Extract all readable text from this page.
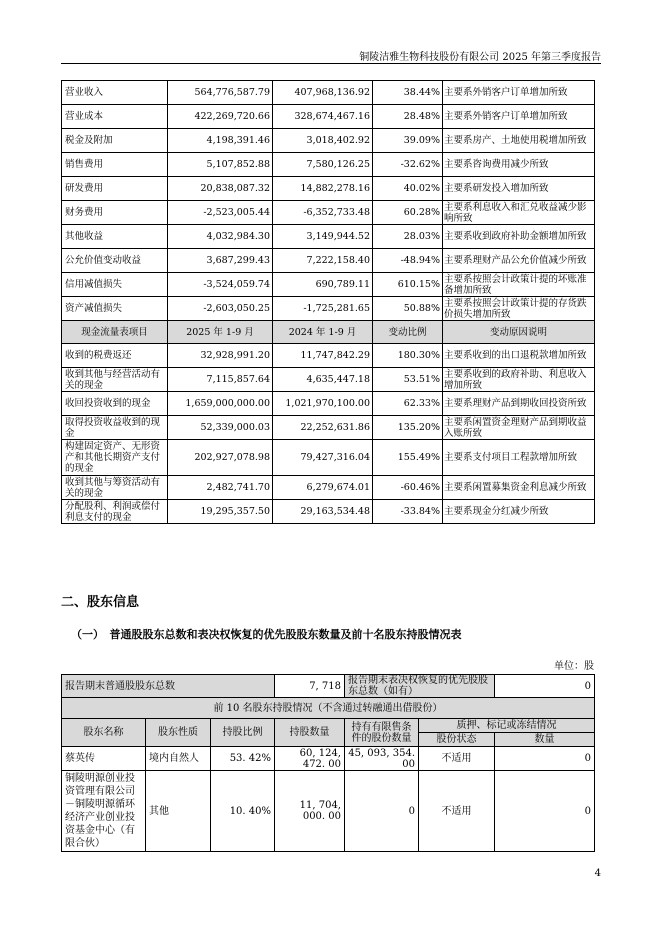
铜陵洁雅生物科技股份有限公司 2025 年第三季度报告
营业收入	564,776,587.79	407,968,136.92	38.44%	主要系外销客户订单增加所致
营业成本	422,269,720.66	328,674,467.16	28.48%	主要系外销客户订单增加所致
税金及附加	4,198,391.46	3,018,402.92	39.09%	主要系房产、土地使用税增加所致
销售费用	5,107,852.88	7,580,126.25	-32.62%	主要系咨询费用减少所致
研发费用	20,838,087.32	14,882,278.16	40.02%	主要系研发投入增加所致
财务费用	-2,523,005.44	-6,352,733.48	60.28%	主要系利息收入和汇兑收益减少影响所致
其他收益	4,032,984.30	3,149,944.52	28.03%	主要系收到政府补助金额增加所致
公允价值变动收益	3,687,299.43	7,222,158.40	-48.94%	主要系理财产品公允价值减少所致
信用减值损失	-3,524,059.74	690,789.11	610.15%	主要系按照会计政策计提的坏账准备增加所致
资产减值损失	-2,603,050.25	-1,725,281.65	50.88%	主要系按照会计政策计提的存货跌价损失增加所致
现金流量表项目	2025 年 1-9 月	2024 年 1-9 月	变动比例	变动原因说明
收到的税费返还	32,928,991.20	11,747,842.29	180.30%	主要系收到的出口退税款增加所致
收到其他与经营活动有关的现金	7,115,857.64	4,635,447.18	53.51%	主要系收到的政府补助、利息收入增加所致
收回投资收到的现金	1,659,000,000.00	1,021,970,100.00	62.33%	主要系理财产品到期收回投资所致
取得投资收益收到的现金	52,339,000.03	22,252,631.86	135.20%	主要系闲置资金理财产品到期收益入账所致
构建固定资产、无形资产和其他长期资产支付的现金	202,927,078.98	79,427,316.04	155.49%	主要系支付项目工程款增加所致
收到其他与筹资活动有关的现金	2,482,741.70	6,279,674.01	-60.46%	主要系闲置募集资金利息减少所致
分配股利、利润或偿付利息支付的现金	19,295,357.50	29,163,534.48	-33.84%	主要系现金分红减少所致
二、股东信息
（一）　普通股股东总数和表决权恢复的优先股股东数量及前十名股东持股情况表
单位：股
报告期末普通股股东总数			7, 718	报告期末表决权恢复的优先股股东总数（如有）		0
前 10 名股东持股情况（不含通过转融通出借股份）						
股东名称	股东性质	持股比例	持股数量	持有有限售条件的股份数量	质押、标记或冻结情况	
					股份状态	数量
蔡英传	境内自然人	53. 42%	60, 124, 472. 00	45, 093, 354. 00	不适用	0
铜陵明源创业投资管理有限公司－铜陵明源循环经济产业创业投资基金中心（有限合伙）	其他	10. 40%	11, 704, 000. 00	0	不适用	0
4
